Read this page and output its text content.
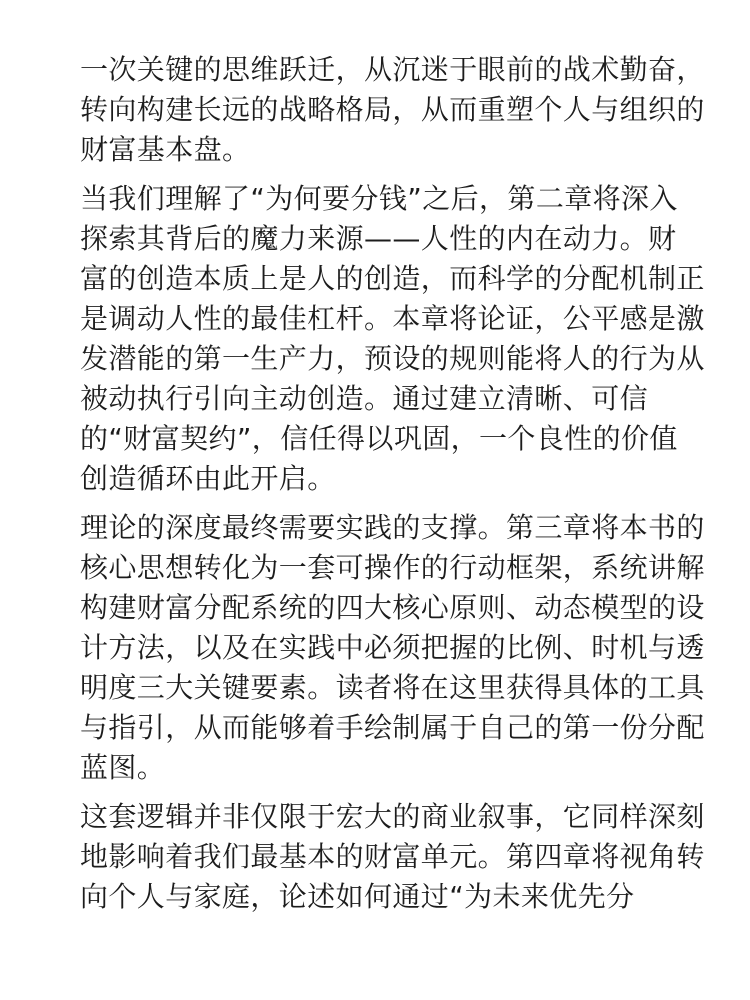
一次关键的思维跃迁，从沉迷于眼前的战术勤奋，

转向构建长远的战略格局，从而重塑个人与组织的

财富基本盘。

当我们理解了“为何要分钱”之后，第二章将深入

探索其背后的魔力来源——人性的内在动力。财

富的创造本质上是人的创造，而科学的分配机制正

是调动人性的最佳杠杆。本章将论证，公平感是激

发潜能的第一生产力，预设的规则能将人的行为从

被动执行引向主动创造。通过建立清晰、可信

的“财富契约”，信任得以巩固，一个良性的价值

创造循环由此开启。

理论的深度最终需要实践的支撑。第三章将本书的

核心思想转化为一套可操作的行动框架，系统讲解

构建财富分配系统的四大核心原则、动态模型的设

计方法，以及在实践中必须把握的比例、时机与透

明度三大关键要素。读者将在这里获得具体的工具

与指引，从而能够着手绘制属于自己的第一份分配

蓝图。

这套逻辑并非仅限于宏大的商业叙事，它同样深刻

地影响着我们最基本的财富单元。第四章将视角转

向个人与家庭，论述如何通过“为未来优先分
